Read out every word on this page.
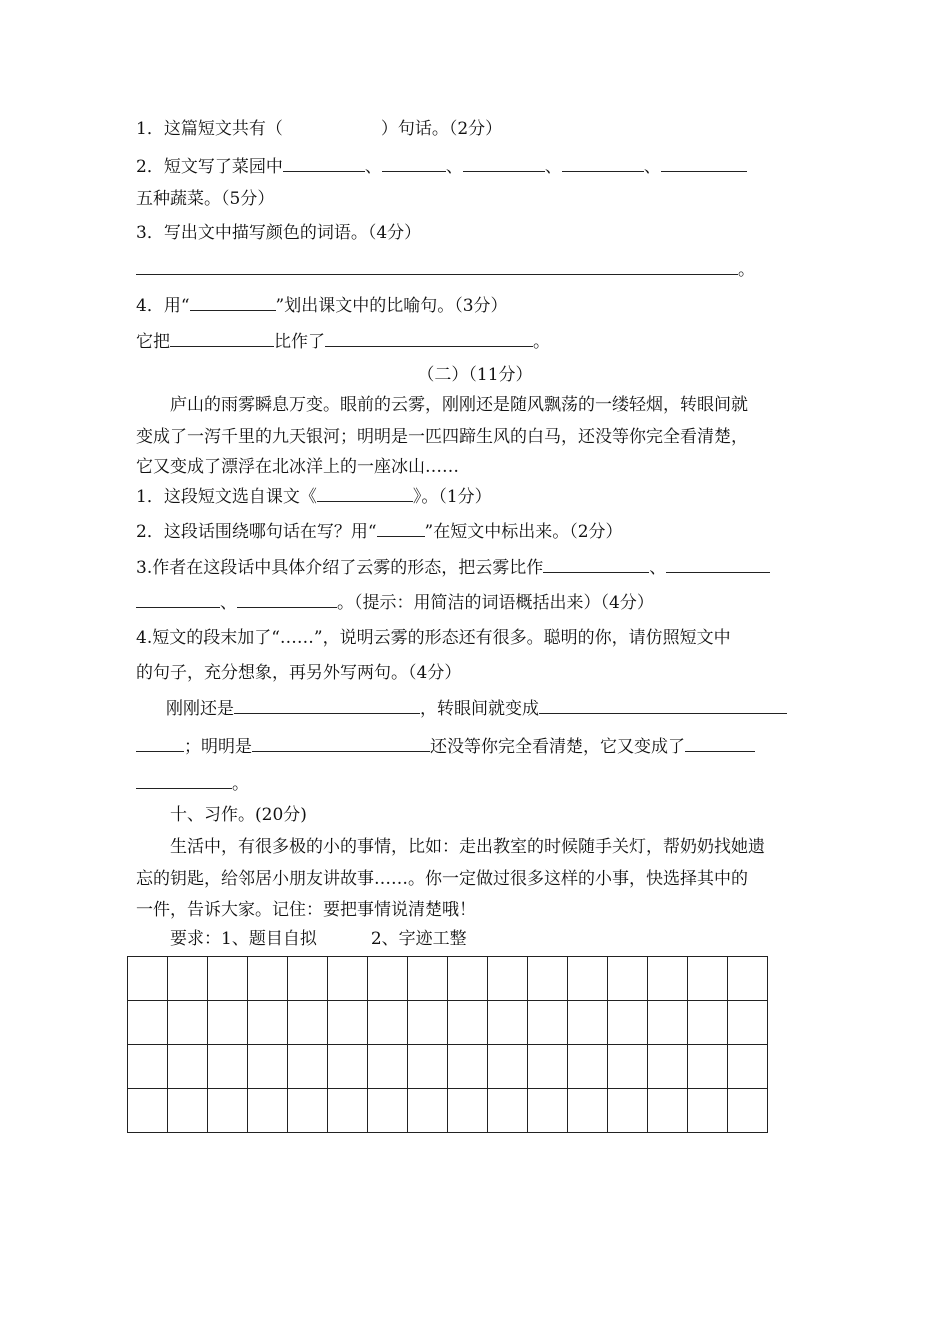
1．这篇短文共有（	）句话。（2分）
2．短文写了菜园中	、	、	、	、
五种蔬菜。（5分）
3．写出文中描写颜色的词语。（4分）
。
4．用“	”划出课文中的比喻句。（3分）
它把	比作了	。
（二）（11分）
庐山的雨雾瞬息万变。眼前的云雾，刚刚还是随风飘荡的一缕轻烟，转眼间就
变成了一泻千里的九天银河；明明是一匹四蹄生风的白马，还没等你完全看清楚，
它又变成了漂浮在北冰洋上的一座冰山……
1．这段短文选自课文《	》。（1分）
2．这段话围绕哪句话在写？用“	”在短文中标出来。（2分）
3.作者在这段话中具体介绍了云雾的形态，把云雾比作	、
、	。（提示：用简洁的词语概括出来）（4分）
4.短文的段末加了“……”，说明云雾的形态还有很多。聪明的你，请仿照短文中
的句子，充分想象，再另外写两句。（4分）
刚刚还是	，转眼间就变成
；明明是	还没等你完全看清楚，它又变成了
。
十、习作。(20分)
生活中，有很多极的小的事情，比如：走出教室的时候随手关灯，帮奶奶找她遗
忘的钥匙，给邻居小朋友讲故事……。你一定做过很多这样的小事，快选择其中的
一件，告诉大家。记住：要把事情说清楚哦！
要求：1、题目自拟	2、字迹工整
